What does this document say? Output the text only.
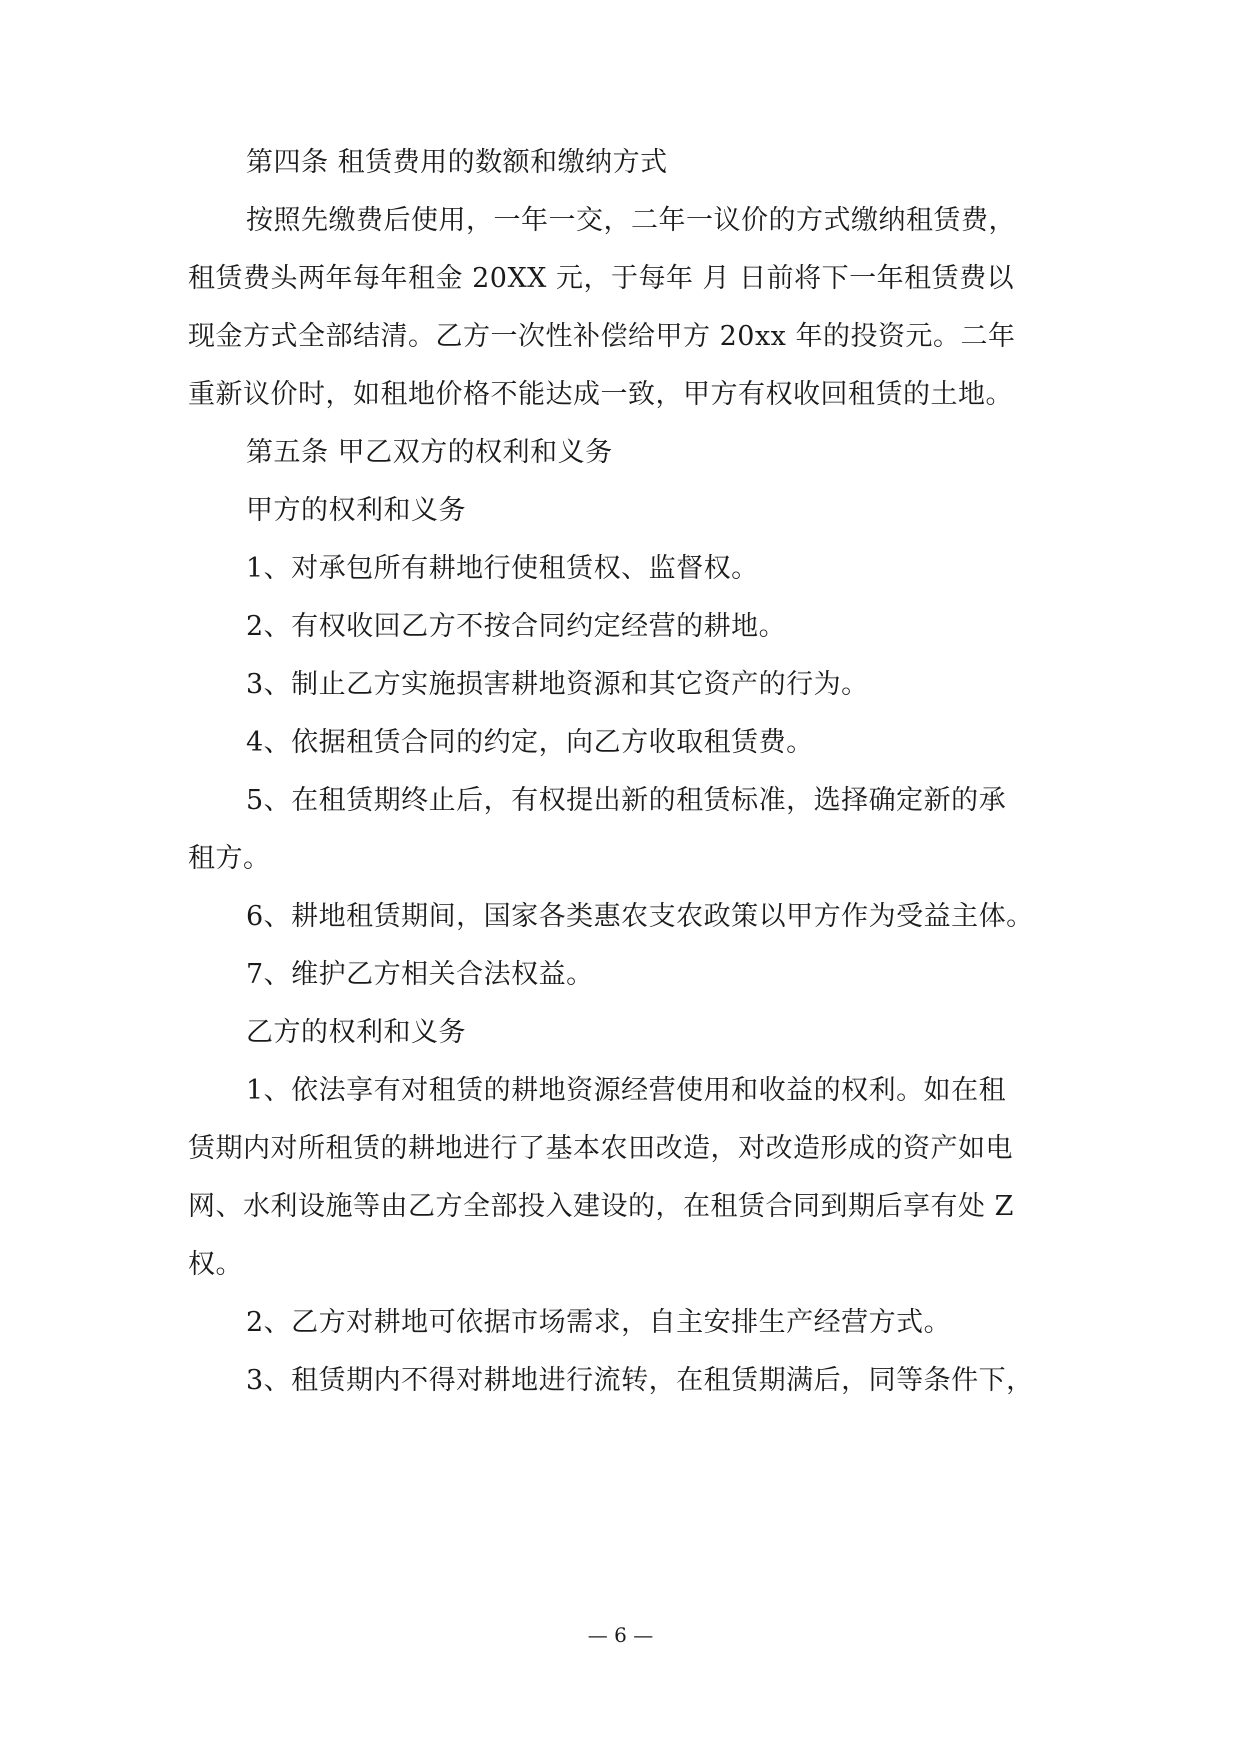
第四条 租赁费用的数额和缴纳方式
按照先缴费后使用，一年一交，二年一议价的方式缴纳租赁费，
租赁费头两年每年租金 20XX 元，于每年 月 日前将下一年租赁费以
现金方式全部结清。乙方一次性补偿给甲方 20xx 年的投资元。二年
重新议价时，如租地价格不能达成一致，甲方有权收回租赁的土地。
第五条 甲乙双方的权利和义务
甲方的权利和义务
1、对承包所有耕地行使租赁权、监督权。
2、有权收回乙方不按合同约定经营的耕地。
3、制止乙方实施损害耕地资源和其它资产的行为。
4、依据租赁合同的约定，向乙方收取租赁费。
5、在租赁期终止后，有权提出新的租赁标准，选择确定新的承
租方。
6、耕地租赁期间，国家各类惠农支农政策以甲方作为受益主体。
7、维护乙方相关合法权益。
乙方的权利和义务
1、依法享有对租赁的耕地资源经营使用和收益的权利。如在租
赁期内对所租赁的耕地进行了基本农田改造，对改造形成的资产如电
网、水利设施等由乙方全部投入建设的，在租赁合同到期后享有处 Z
权。
2、乙方对耕地可依据市场需求，自主安排生产经营方式。
3、租赁期内不得对耕地进行流转，在租赁期满后，同等条件下，
— 6 —
